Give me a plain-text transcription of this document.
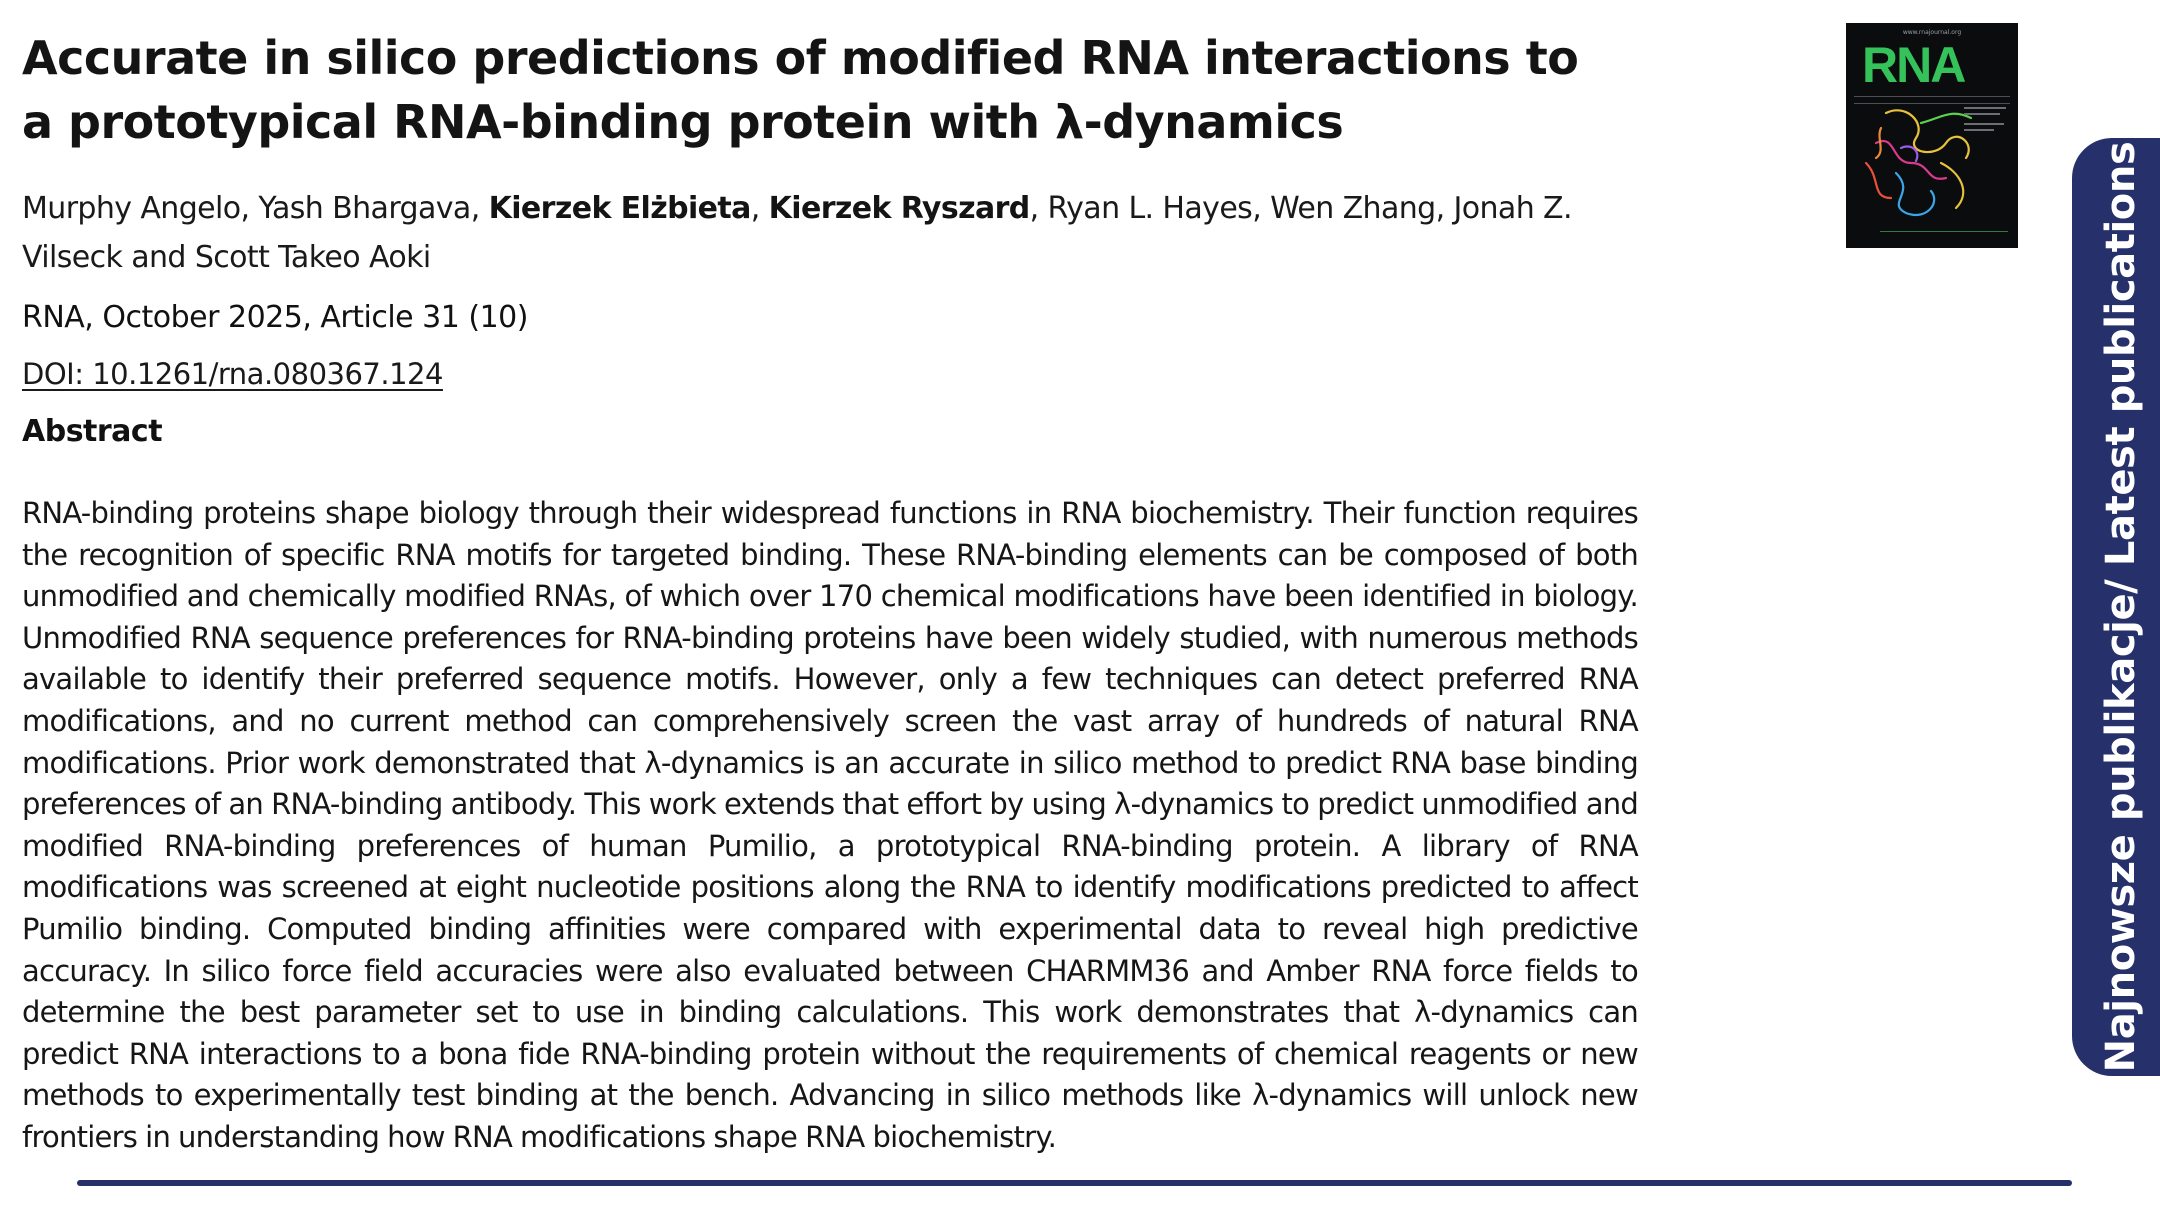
Accurate in silico predictions of modified RNA interactions to a prototypical RNA-binding protein with λ-dynamics
Murphy Angelo, Yash Bhargava, Kierzek Elżbieta, Kierzek Ryszard, Ryan L. Hayes, Wen Zhang, Jonah Z. Vilseck and Scott Takeo Aoki
RNA, October 2025, Article 31 (10)
DOI: 10.1261/rna.080367.124
Abstract

RNA-binding proteins shape biology through their widespread functions in RNA biochemistry. Their function requires the recognition of specific RNA motifs for targeted binding. These RNA-binding elements can be composed of both unmodified and chemically modified RNAs, of which over 170 chemical modifications have been identified in biology. Unmodified RNA sequence preferences for RNA-binding proteins have been widely studied, with numerous methods available to identify their preferred sequence motifs. However, only a few techniques can detect preferred RNA modifications, and no current method can comprehensively screen the vast array of hundreds of natural RNA modifications. Prior work demonstrated that λ-dynamics is an accurate in silico method to predict RNA base binding preferences of an RNA-binding antibody. This work extends that effort by using λ-dynamics to predict unmodified and modified RNA-binding preferences of human Pumilio, a prototypical RNA-binding protein. A library of RNA modifications was screened at eight nucleotide positions along the RNA to identify modifications predicted to affect Pumilio binding. Computed binding affinities were compared with experimental data to reveal high predictive accuracy. In silico force field accuracies were also evaluated between CHARMM36 and Amber RNA force fields to determine the best parameter set to use in binding calculations. This work demonstrates that λ-dynamics can predict RNA interactions to a bona fide RNA-binding protein without the requirements of chemical reagents or new methods to experimentally test binding at the bench. Advancing in silico methods like λ-dynamics will unlock new frontiers in understanding how RNA modifications shape RNA biochemistry.

www.rnajournal.org
RNA
Najnowsze publikacje/ Latest publications
